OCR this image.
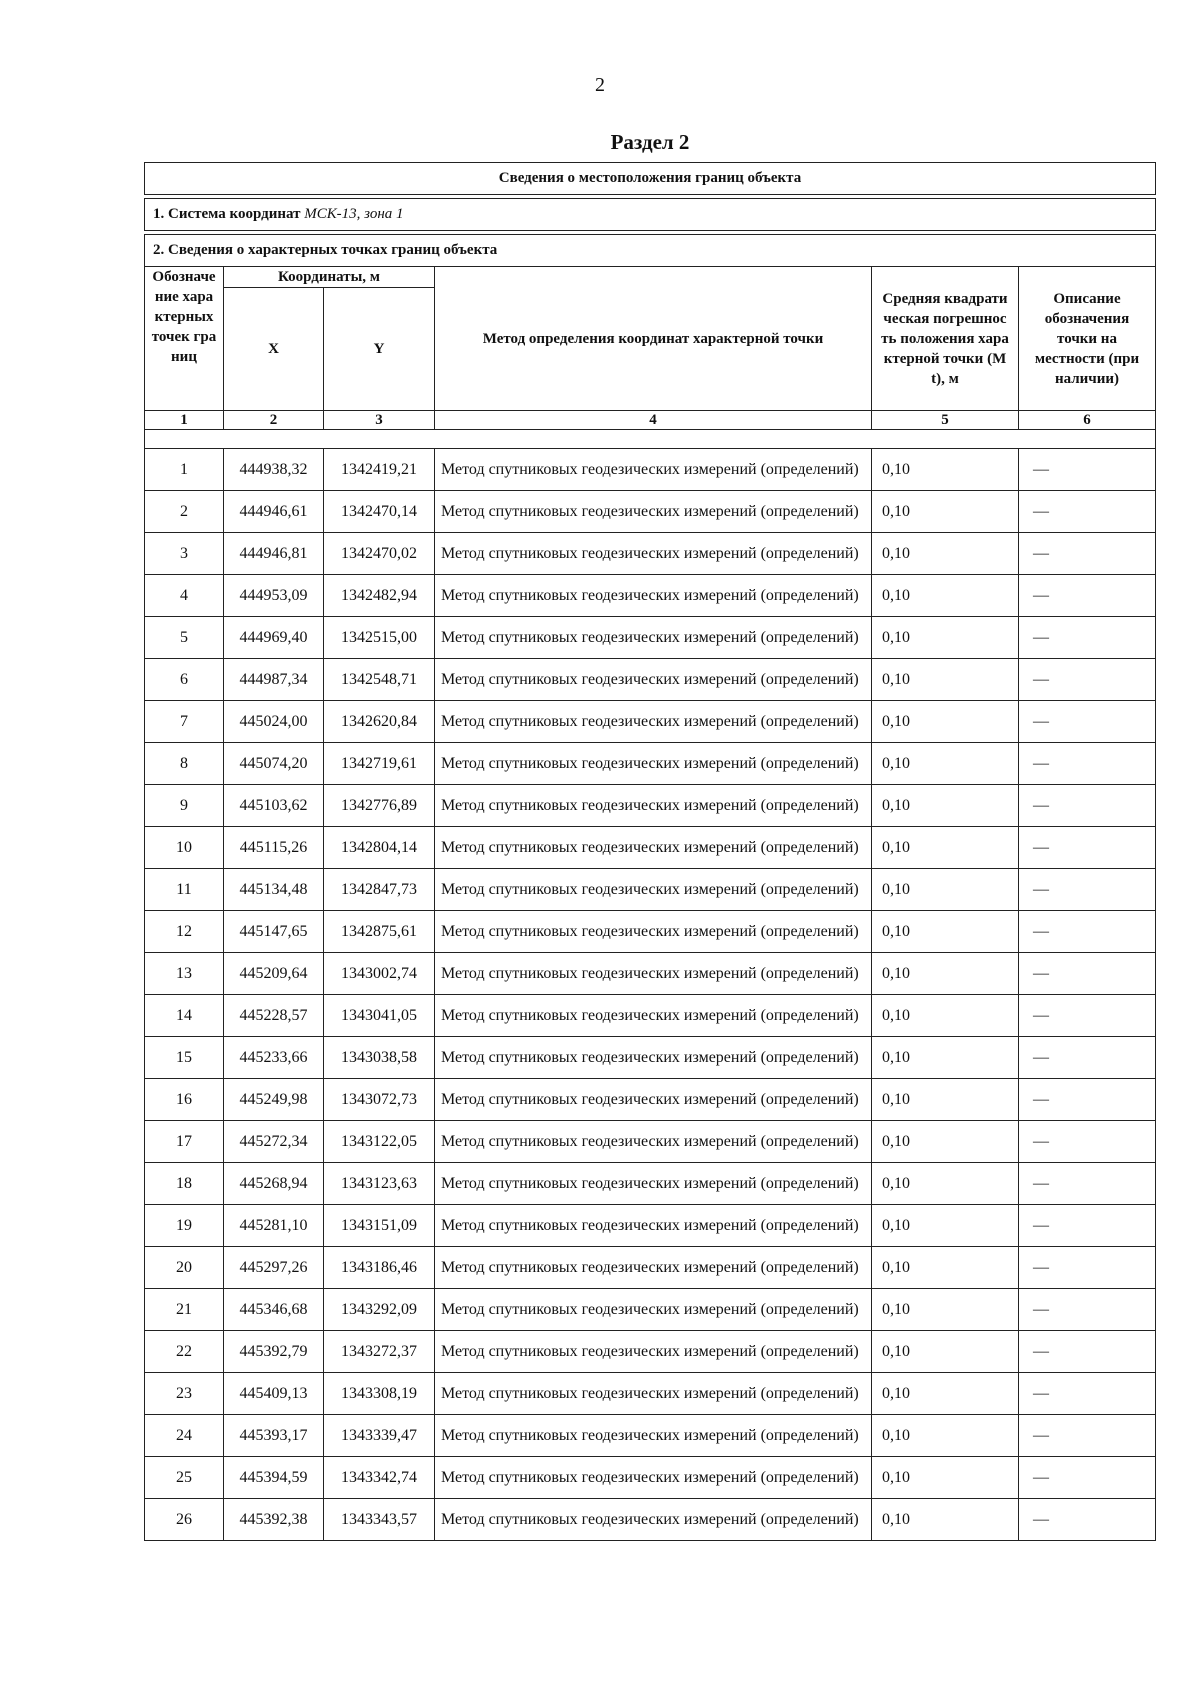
2
Раздел 2
Сведения о местоположения границ объекта					

1. Система координат МСК-13, зона 1					

2. Сведения о характерных точках границ объекта					
Обозначение характерных точек границ	Координаты, м		Метод определения координат характерной точки	Средняя квадратическая погрешность положения характерной точки (Mt), м	Описание обозначения точки на местности (при наличии)
	X	Y			
1	2	3	4	5	6

1	444938,32	1342419,21	Метод спутниковых геодезических измерений (определений)	0,10	—
2	444946,61	1342470,14	Метод спутниковых геодезических измерений (определений)	0,10	—
3	444946,81	1342470,02	Метод спутниковых геодезических измерений (определений)	0,10	—
4	444953,09	1342482,94	Метод спутниковых геодезических измерений (определений)	0,10	—
5	444969,40	1342515,00	Метод спутниковых геодезических измерений (определений)	0,10	—
6	444987,34	1342548,71	Метод спутниковых геодезических измерений (определений)	0,10	—
7	445024,00	1342620,84	Метод спутниковых геодезических измерений (определений)	0,10	—
8	445074,20	1342719,61	Метод спутниковых геодезических измерений (определений)	0,10	—
9	445103,62	1342776,89	Метод спутниковых геодезических измерений (определений)	0,10	—
10	445115,26	1342804,14	Метод спутниковых геодезических измерений (определений)	0,10	—
11	445134,48	1342847,73	Метод спутниковых геодезических измерений (определений)	0,10	—
12	445147,65	1342875,61	Метод спутниковых геодезических измерений (определений)	0,10	—
13	445209,64	1343002,74	Метод спутниковых геодезических измерений (определений)	0,10	—
14	445228,57	1343041,05	Метод спутниковых геодезических измерений (определений)	0,10	—
15	445233,66	1343038,58	Метод спутниковых геодезических измерений (определений)	0,10	—
16	445249,98	1343072,73	Метод спутниковых геодезических измерений (определений)	0,10	—
17	445272,34	1343122,05	Метод спутниковых геодезических измерений (определений)	0,10	—
18	445268,94	1343123,63	Метод спутниковых геодезических измерений (определений)	0,10	—
19	445281,10	1343151,09	Метод спутниковых геодезических измерений (определений)	0,10	—
20	445297,26	1343186,46	Метод спутниковых геодезических измерений (определений)	0,10	—
21	445346,68	1343292,09	Метод спутниковых геодезических измерений (определений)	0,10	—
22	445392,79	1343272,37	Метод спутниковых геодезических измерений (определений)	0,10	—
23	445409,13	1343308,19	Метод спутниковых геодезических измерений (определений)	0,10	—
24	445393,17	1343339,47	Метод спутниковых геодезических измерений (определений)	0,10	—
25	445394,59	1343342,74	Метод спутниковых геодезических измерений (определений)	0,10	—
26	445392,38	1343343,57	Метод спутниковых геодезических измерений (определений)	0,10	—
